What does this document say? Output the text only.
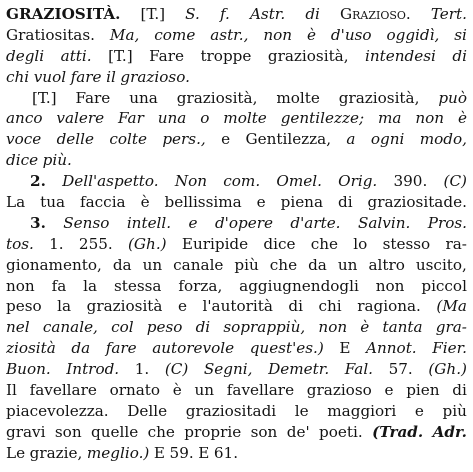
GRAZIOSITÀ. [T.] S. f. Astr. di Grazioso. Tert.
Gratiositas. Ma, come astr., non è d'uso oggidì, si
degli atti. [T.] Fare troppe graziosità, intendesi di
chi vuol fare il grazioso.
[T.] Fare una graziosità, molte graziosità, può
anco valere Far una o molte gentilezze; ma non è
voce delle colte pers., e Gentilezza, a ogni modo,
dice più.
2. Dell'aspetto. Non com. Omel. Orig. 390. (C)
La tua faccia è bellissima e piena di graziositade.
3. Senso intell. e d'opere d'arte. Salvin. Pros.
tos. 1. 255. (Gh.) Euripide dice che lo stesso ra-
gionamento, da un canale più che da un altro uscito,
non fa la stessa forza, aggiugnendogli non piccol
peso la graziosità e l'autorità di chi ragiona. (Ma
nel canale, col peso di soprappiù, non è tanta gra-
ziosità da fare autorevole quest'es.) E Annot. Fier.
Buon. Introd. 1. (C) Segni, Demetr. Fal. 57. (Gh.)
Il favellare ornato è un favellare grazioso e pien di
piacevolezza. Delle graziositadi le maggiori e più
gravi son quelle che proprie son de' poeti. (Trad. Adr.
Le grazie, meglio.) E 59. E 61.
